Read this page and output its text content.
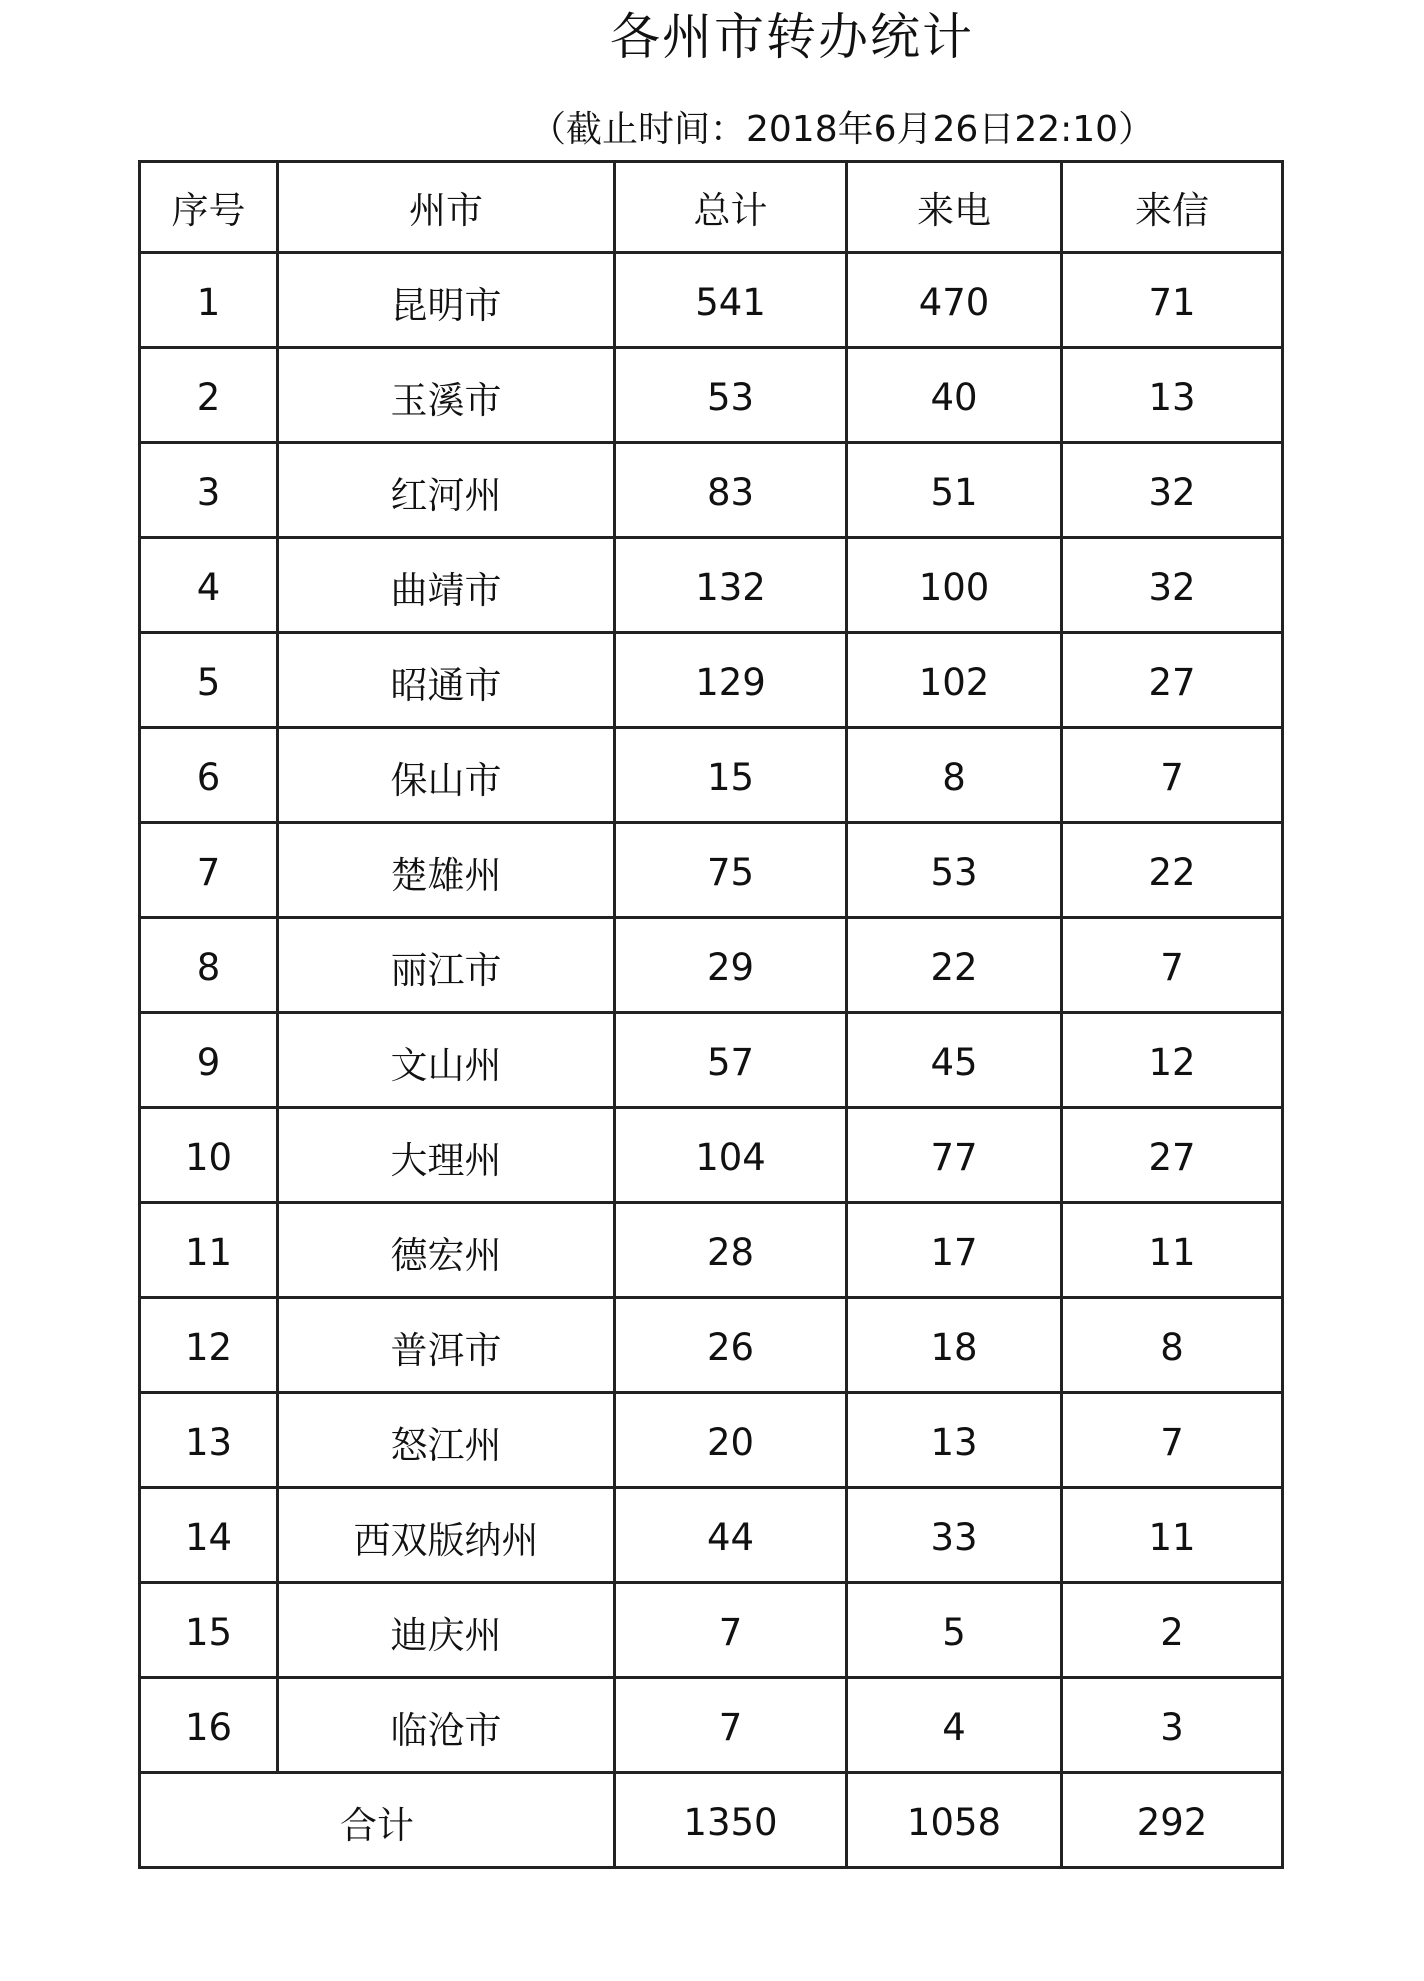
各州市转办统计
（截止时间：2018年6月26日22:10）
序号	州市	总计	来电	来信
1	昆明市	541	470	71
2	玉溪市	53	40	13
3	红河州	83	51	32
4	曲靖市	132	100	32
5	昭通市	129	102	27
6	保山市	15	8	7
7	楚雄州	75	53	22
8	丽江市	29	22	7
9	文山州	57	45	12
10	大理州	104	77	27
11	德宏州	28	17	11
12	普洱市	26	18	8
13	怒江州	20	13	7
14	西双版纳州	44	33	11
15	迪庆州	7	5	2
16	临沧市	7	4	3
合计		1350	1058	292
